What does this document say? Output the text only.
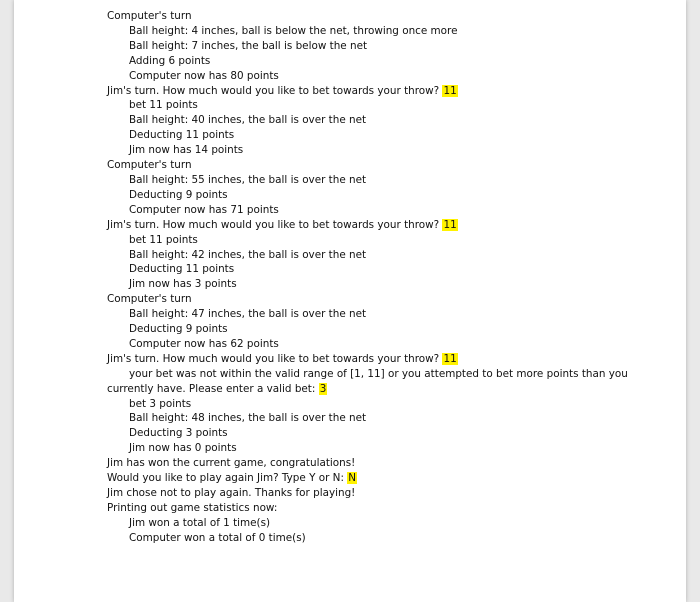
Computer's turn
Ball height: 4 inches, ball is below the net, throwing once more
Ball height: 7 inches, the ball is below the net
Adding 6 points
Computer now has 80 points
Jim's turn. How much would you like to bet towards your throw? 11
bet 11 points
Ball height: 40 inches, the ball is over the net
Deducting 11 points
Jim now has 14 points
Computer's turn
Ball height: 55 inches, the ball is over the net
Deducting 9 points
Computer now has 71 points
Jim's turn. How much would you like to bet towards your throw? 11
bet 11 points
Ball height: 42 inches, the ball is over the net
Deducting 11 points
Jim now has 3 points
Computer's turn
Ball height: 47 inches, the ball is over the net
Deducting 9 points
Computer now has 62 points
Jim's turn. How much would you like to bet towards your throw? 11
your bet was not within the valid range of [1, 11] or you attempted to bet more points than you
currently have. Please enter a valid bet: 3
bet 3 points
Ball height: 48 inches, the ball is over the net
Deducting 3 points
Jim now has 0 points
Jim has won the current game, congratulations!
Would you like to play again Jim? Type Y or N: N
Jim chose not to play again. Thanks for playing!
Printing out game statistics now:
Jim won a total of 1 time(s)
Computer won a total of 0 time(s)
